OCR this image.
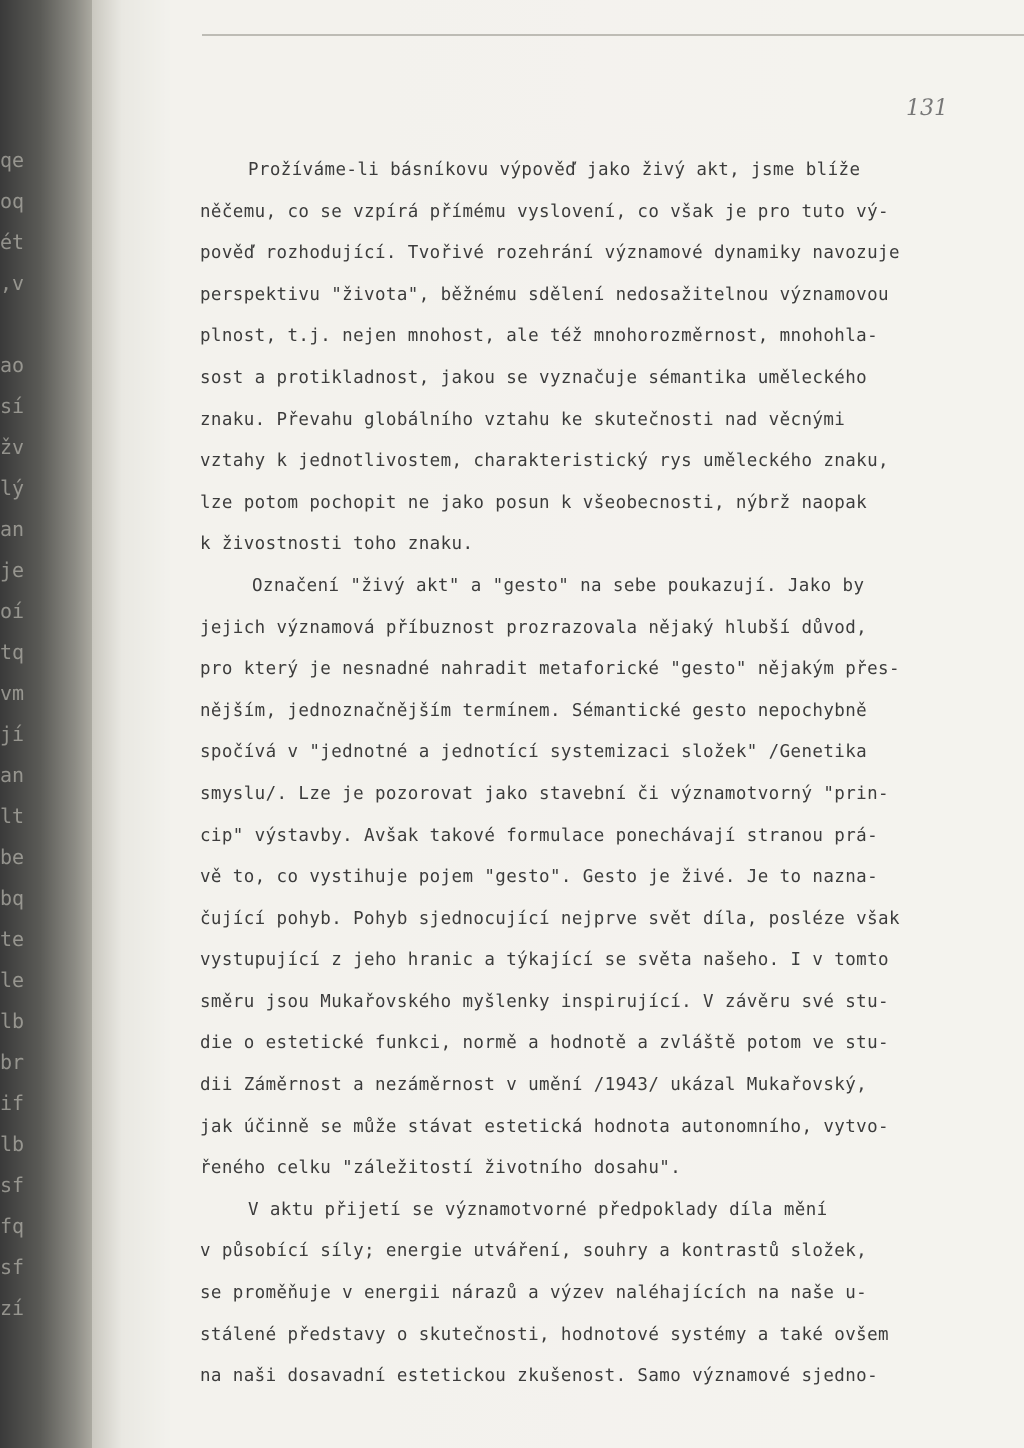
qe
oq
ét
,v

ao
sí
žv
lý
an
je
oí
tq
vm
jí
an
lt
be
bq
te
le
lb
br
if
lb
sf
fq
sf
zí
131
Prožíváme-li básníkovu výpověď jako živý akt, jsme blíže
něčemu, co se vzpírá přímému vyslovení, co však je pro tuto vý-
pověď rozhodující. Tvořivé rozehrání významové dynamiky navozuje
perspektivu "života", běžnému sdělení nedosažitelnou významovou
plnost, t.j. nejen mnohost, ale též mnohorozměrnost, mnohohla-
sost a protikladnost, jakou se vyznačuje sémantika uměleckého
znaku. Převahu globálního vztahu ke skutečnosti nad věcnými
vztahy k jednotlivostem, charakteristický rys uměleckého znaku,
lze potom pochopit ne jako posun k všeobecnosti, nýbrž naopak
k živostnosti toho znaku.
Označení "živý akt" a "gesto" na sebe poukazují. Jako by
jejich významová příbuznost prozrazovala nějaký hlubší důvod,
pro který je nesnadné nahradit metaforické "gesto" nějakým přes-
nějším, jednoznačnějším termínem. Sémantické gesto nepochybně
spočívá v "jednotné a jednotící systemizaci složek" /Genetika
smyslu/. Lze je pozorovat jako stavební či významotvorný "prin-
cip" výstavby. Avšak takové formulace ponechávají stranou prá-
vě to, co vystihuje pojem "gesto". Gesto je živé. Je to nazna-
čující pohyb. Pohyb sjednocující nejprve svět díla, posléze však
vystupující z jeho hranic a týkající se světa našeho. I v tomto
směru jsou Mukařovského myšlenky inspirující. V závěru své stu-
die o estetické funkci, normě a hodnotě a zvláště potom ve stu-
dii Záměrnost a nezáměrnost v umění /1943/ ukázal Mukařovský,
jak účinně se může stávat estetická hodnota autonomního, vytvo-
řeného celku "záležitostí životního dosahu".
V aktu přijetí se významotvorné předpoklady díla mění
v působící síly; energie utváření, souhry a kontrastů složek,
se proměňuje v energii nárazů a výzev naléhajících na naše u-
stálené představy o skutečnosti, hodnotové systémy a také ovšem
na naši dosavadní estetickou zkušenost. Samo významové sjedno-
